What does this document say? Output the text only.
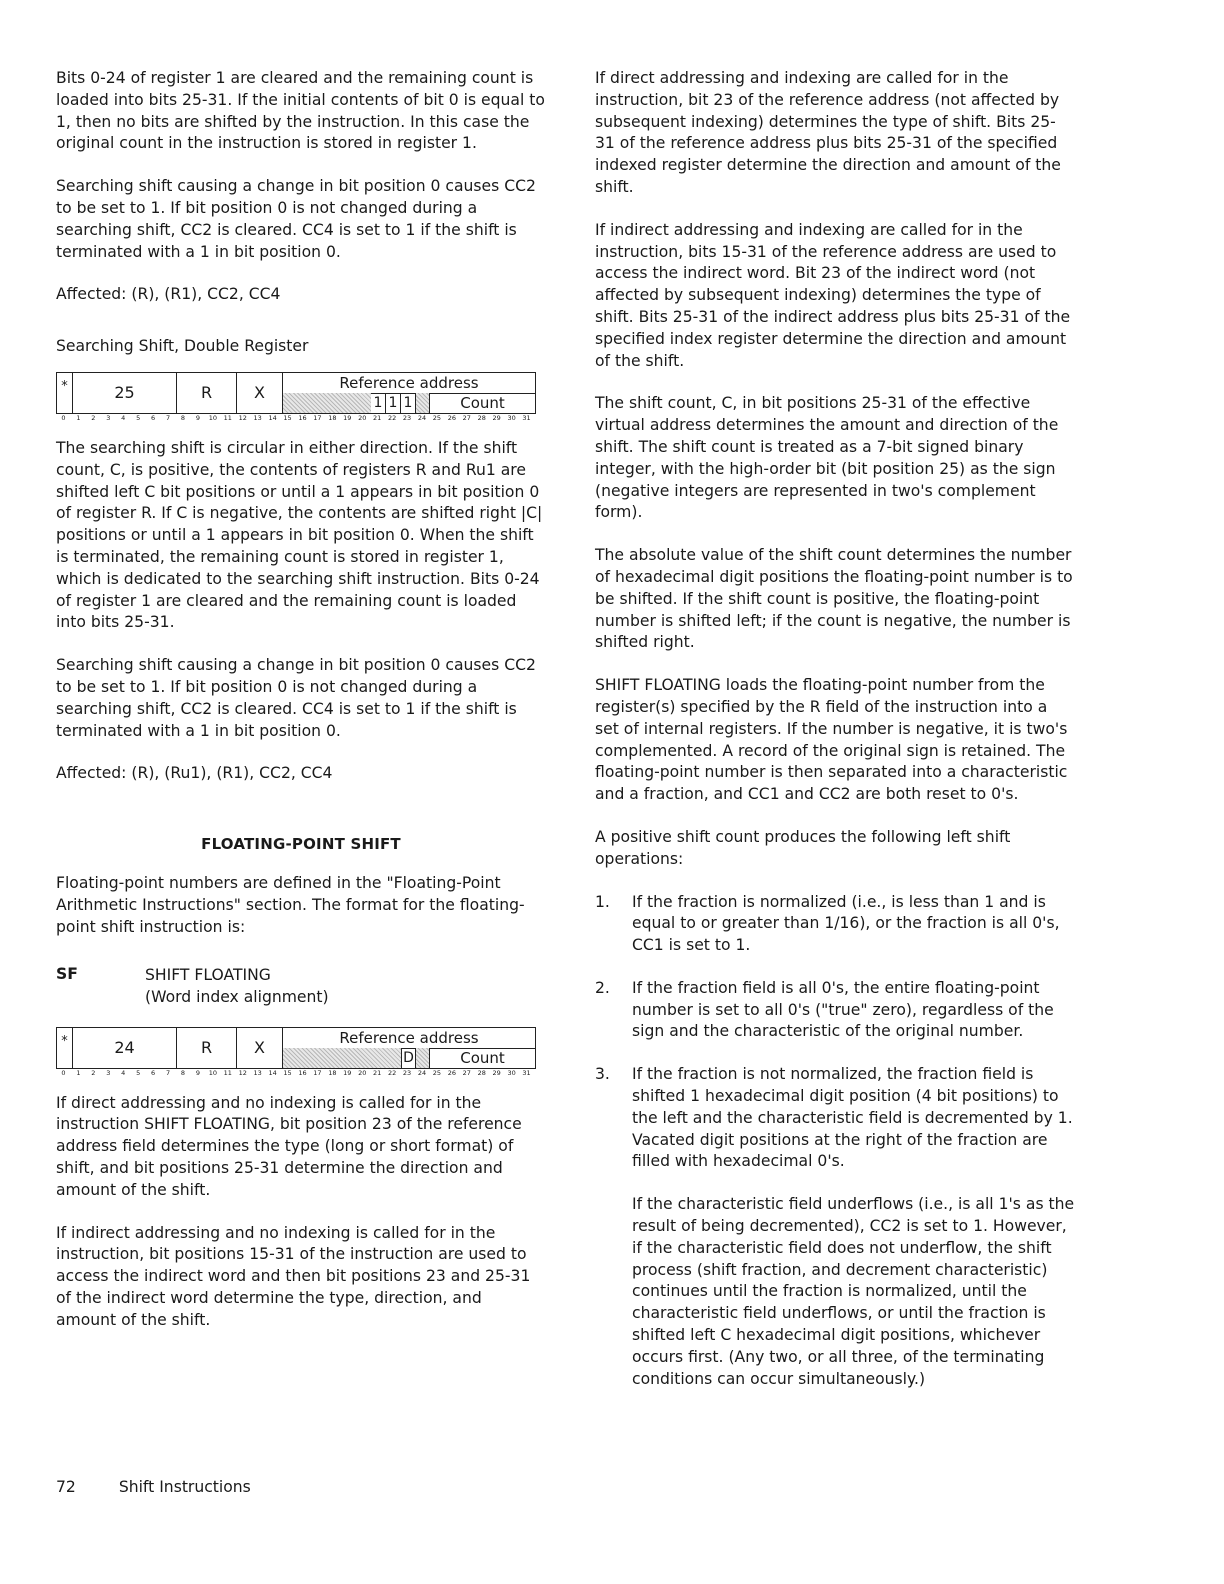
Bits 0-24 of register 1 are cleared and the remaining count is loaded into bits 25-31. If the initial contents of bit 0 is equal to 1, then no bits are shifted by the instruction. In this case the original count in the instruction is stored in register 1.

Searching shift causing a change in bit position 0 causes CC2 to be set to 1. If bit position 0 is not changed during a searching shift, CC2 is cleared. CC4 is set to 1 if the shift is terminated with a 1 in bit position 0.

Affected: (R), (R1), CC2, CC4

Searching Shift, Double Register

*	25	R	X
Reference address
1 1 1	Count
0 1 2 3 4 5 6 7 8 9 10 11 12 13 14 15 16 17 18 19 20 21 22 23 24 25 26 27 28 29 30 31

The searching shift is circular in either direction. If the shift count, C, is positive, the contents of registers R and Ru1 are shifted left C bit positions or until a 1 appears in bit position 0 of register R. If C is negative, the contents are shifted right |C| positions or until a 1 appears in bit position 0. When the shift is terminated, the remaining count is stored in register 1, which is dedicated to the searching shift instruction. Bits 0-24 of register 1 are cleared and the remaining count is loaded into bits 25-31.

Searching shift causing a change in bit position 0 causes CC2 to be set to 1. If bit position 0 is not changed during a searching shift, CC2 is cleared. CC4 is set to 1 if the shift is terminated with a 1 in bit position 0.

Affected: (R), (Ru1), (R1), CC2, CC4

FLOATING-POINT SHIFT

Floating-point numbers are defined in the "Floating-Point Arithmetic Instructions" section. The format for the floating-point shift instruction is:

SF	SHIFT FLOATING
(Word index alignment)
*	24	R	X
Reference address
D	Count
0 1 2 3 4 5 6 7 8 9 10 11 12 13 14 15 16 17 18 19 20 21 22 23 24 25 26 27 28 29 30 31

If direct addressing and no indexing is called for in the instruction SHIFT FLOATING, bit position 23 of the reference address field determines the type (long or short format) of shift, and bit positions 25-31 determine the direction and amount of the shift.

If indirect addressing and no indexing is called for in the instruction, bit positions 15-31 of the instruction are used to access the indirect word and then bit positions 23 and 25-31 of the indirect word determine the type, direction, and amount of the shift.

If direct addressing and indexing are called for in the instruction, bit 23 of the reference address (not affected by subsequent indexing) determines the type of shift. Bits 25-31 of the reference address plus bits 25-31 of the specified indexed register determine the direction and amount of the shift.

If indirect addressing and indexing are called for in the instruction, bits 15-31 of the reference address are used to access the indirect word. Bit 23 of the indirect word (not affected by subsequent indexing) determines the type of shift. Bits 25-31 of the indirect address plus bits 25-31 of the specified index register determine the direction and amount of the shift.

The shift count, C, in bit positions 25-31 of the effective virtual address determines the amount and direction of the shift. The shift count is treated as a 7-bit signed binary integer, with the high-order bit (bit position 25) as the sign (negative integers are represented in two's complement form).

The absolute value of the shift count determines the number of hexadecimal digit positions the floating-point number is to be shifted. If the shift count is positive, the floating-point number is shifted left; if the count is negative, the number is shifted right.

SHIFT FLOATING loads the floating-point number from the register(s) specified by the R field of the instruction into a set of internal registers. If the number is negative, it is two's complemented. A record of the original sign is retained. The floating-point number is then separated into a characteristic and a fraction, and CC1 and CC2 are both reset to 0's.

A positive shift count produces the following left shift operations:

1. If the fraction is normalized (i.e., is less than 1 and is equal to or greater than 1/16), or the fraction is all 0's, CC1 is set to 1.

2. If the fraction field is all 0's, the entire floating-point number is set to all 0's ("true" zero), regardless of the sign and the characteristic of the original number.

3. If the fraction is not normalized, the fraction field is shifted 1 hexadecimal digit position (4 bit positions) to the left and the characteristic field is decremented by 1. Vacated digit positions at the right of the fraction are filled with hexadecimal 0's.

If the characteristic field underflows (i.e., is all 1's as the result of being decremented), CC2 is set to 1. However, if the characteristic field does not underflow, the shift process (shift fraction, and decrement characteristic) continues until the fraction is normalized, until the characteristic field underflows, or until the fraction is shifted left C hexadecimal digit positions, whichever occurs first. (Any two, or all three, of the terminating conditions can occur simultaneously.)

72	Shift Instructions
